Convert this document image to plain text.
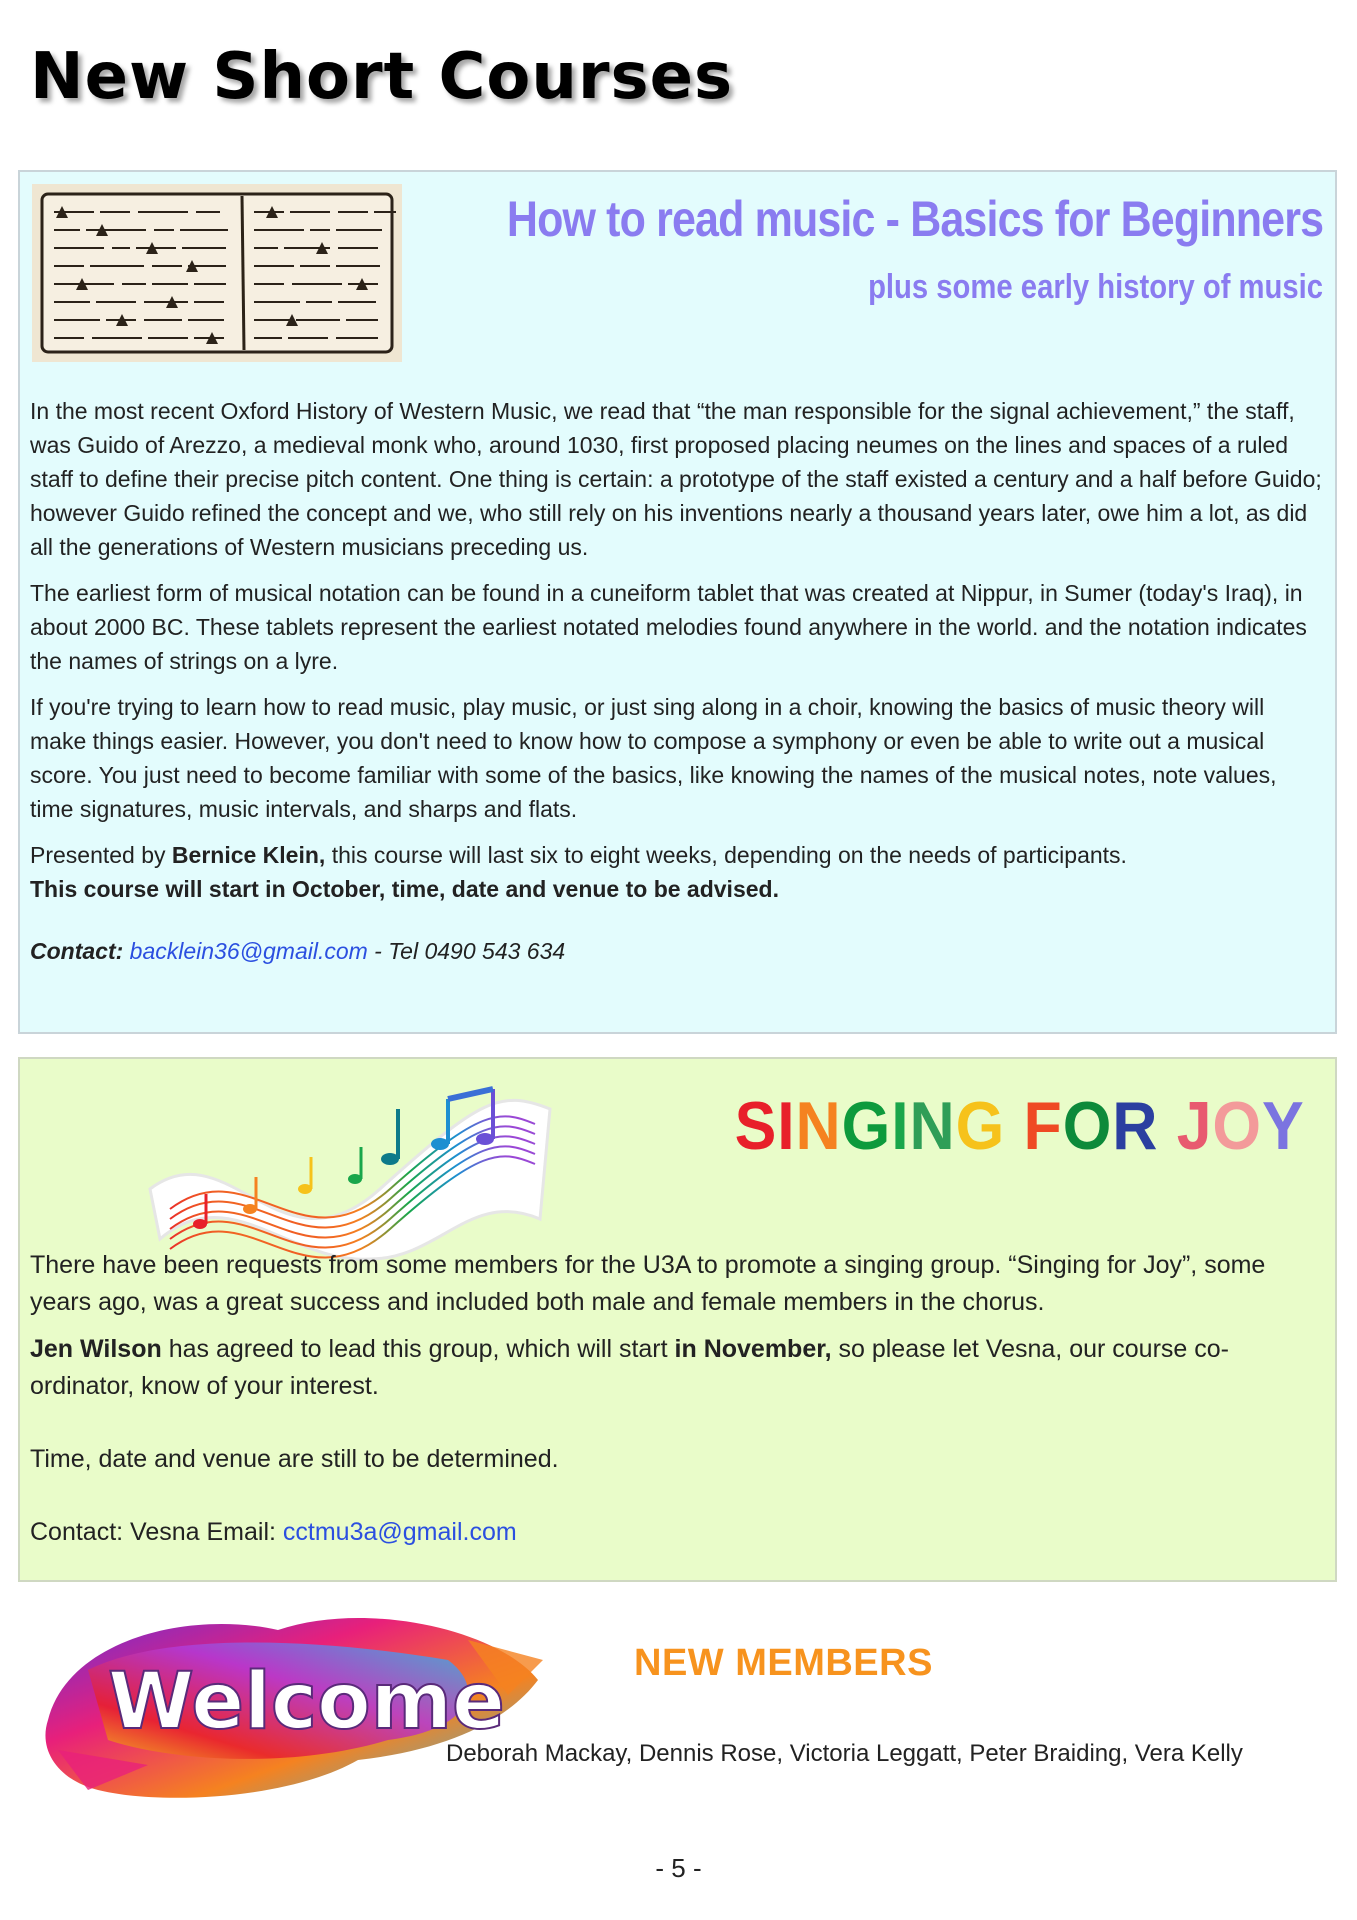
New Short Courses
How to read music - Basics for Beginners
plus some early history of music

In the most recent Oxford History of Western Music, we read that “the man responsible for the signal achievement,” the staff, was Guido of Arezzo, a medieval monk who, around 1030, first proposed placing neumes on the lines and spaces of a ruled staff to define their precise pitch content. One thing is certain: a prototype of the staff existed a century and a half before Guido; however Guido refined the concept and we, who still rely on his inventions nearly a thousand years later, owe him a lot, as did all the generations of Western musicians preceding us.

The earliest form of musical notation can be found in a cuneiform tablet that was created at Nippur, in Sumer (today's Iraq), in about 2000 BC. These tablets represent the earliest notated melodies found anywhere in the world. and the notation indicates the names of strings on a lyre.

If you're trying to learn how to read music, play music, or just sing along in a choir, knowing the basics of music theory will make things easier. However, you don't need to know how to compose a symphony or even be able to write out a musical score. You just need to become familiar with some of the basics, like knowing the names of the musical notes, note values, time signatures, music intervals, and sharps and flats.

Presented by Bernice Klein, this course will last six to eight weeks, depending on the needs of participants.

This course will start in October, time, date and venue to be advised.

Contact: backlein36@gmail.com - Tel 0490 543 634

SINGING FOR JOY

There have been requests from some members for the U3A to promote a singing group. “Singing for Joy”, some years ago, was a great success and included both male and female members in the chorus.

Jen Wilson has agreed to lead this group, which will start in November, so please let Vesna, our course co-ordinator, know of your interest.

Time, date and venue are still to be determined.

Contact: Vesna Email: cctmu3a@gmail.com

Welcome	NEW MEMBERS

Deborah Mackay, Dennis Rose, Victoria Leggatt, Peter Braiding, Vera Kelly

- 5 -
